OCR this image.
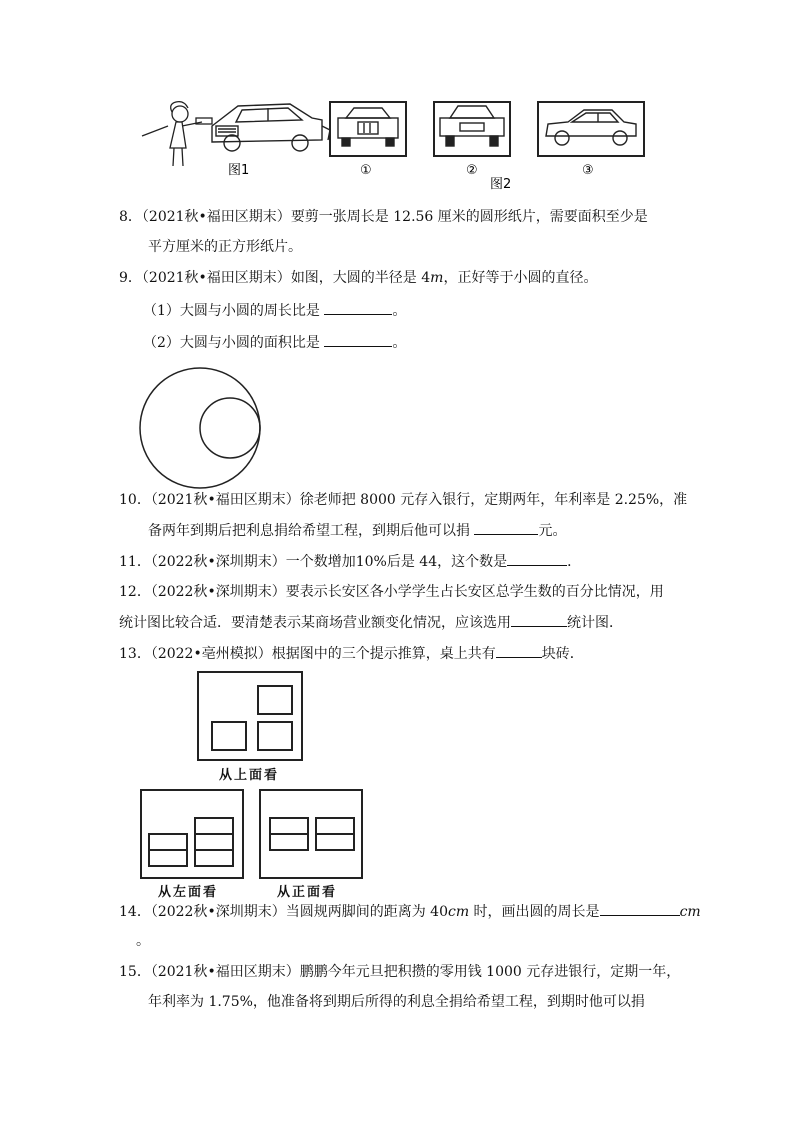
图1	①	②	③
图2
8．（2021秋•福田区期末）要剪一张周长是 12.56 厘米的圆形纸片，需要面积至少是
平方厘米的正方形纸片。
9．（2021秋•福田区期末）如图，大圆的半径是 4m，正好等于小圆的直径。
（1）大圆与小圆的周长比是	。
（2）大圆与小圆的面积比是	。
10．（2021秋•福田区期末）徐老师把 8000 元存入银行，定期两年，年利率是 2.25%，准
备两年到期后把利息捐给希望工程，到期后他可以捐	元。
11．（2022秋•深圳期末）一个数增加10%后是 44，这个数是	．
12．（2022秋•深圳期末）要表示长安区各小学学生占长安区总学生数的百分比情况，用
统计图比较合适．要清楚表示某商场营业额变化情况，应该选用	统计图．
13．（2022•亳州模拟）根据图中的三个提示推算，桌上共有	块砖．
从上面看
从左面看	从正面看
14．（2022秋•深圳期末）当圆规两脚间的距离为 40cm 时，画出圆的周长是	cm
。
15．（2021秋•福田区期末）鹏鹏今年元旦把积攒的零用钱 1000 元存进银行，定期一年，
年利率为 1.75%，他准备将到期后所得的利息全捐给希望工程，到期时他可以捐
